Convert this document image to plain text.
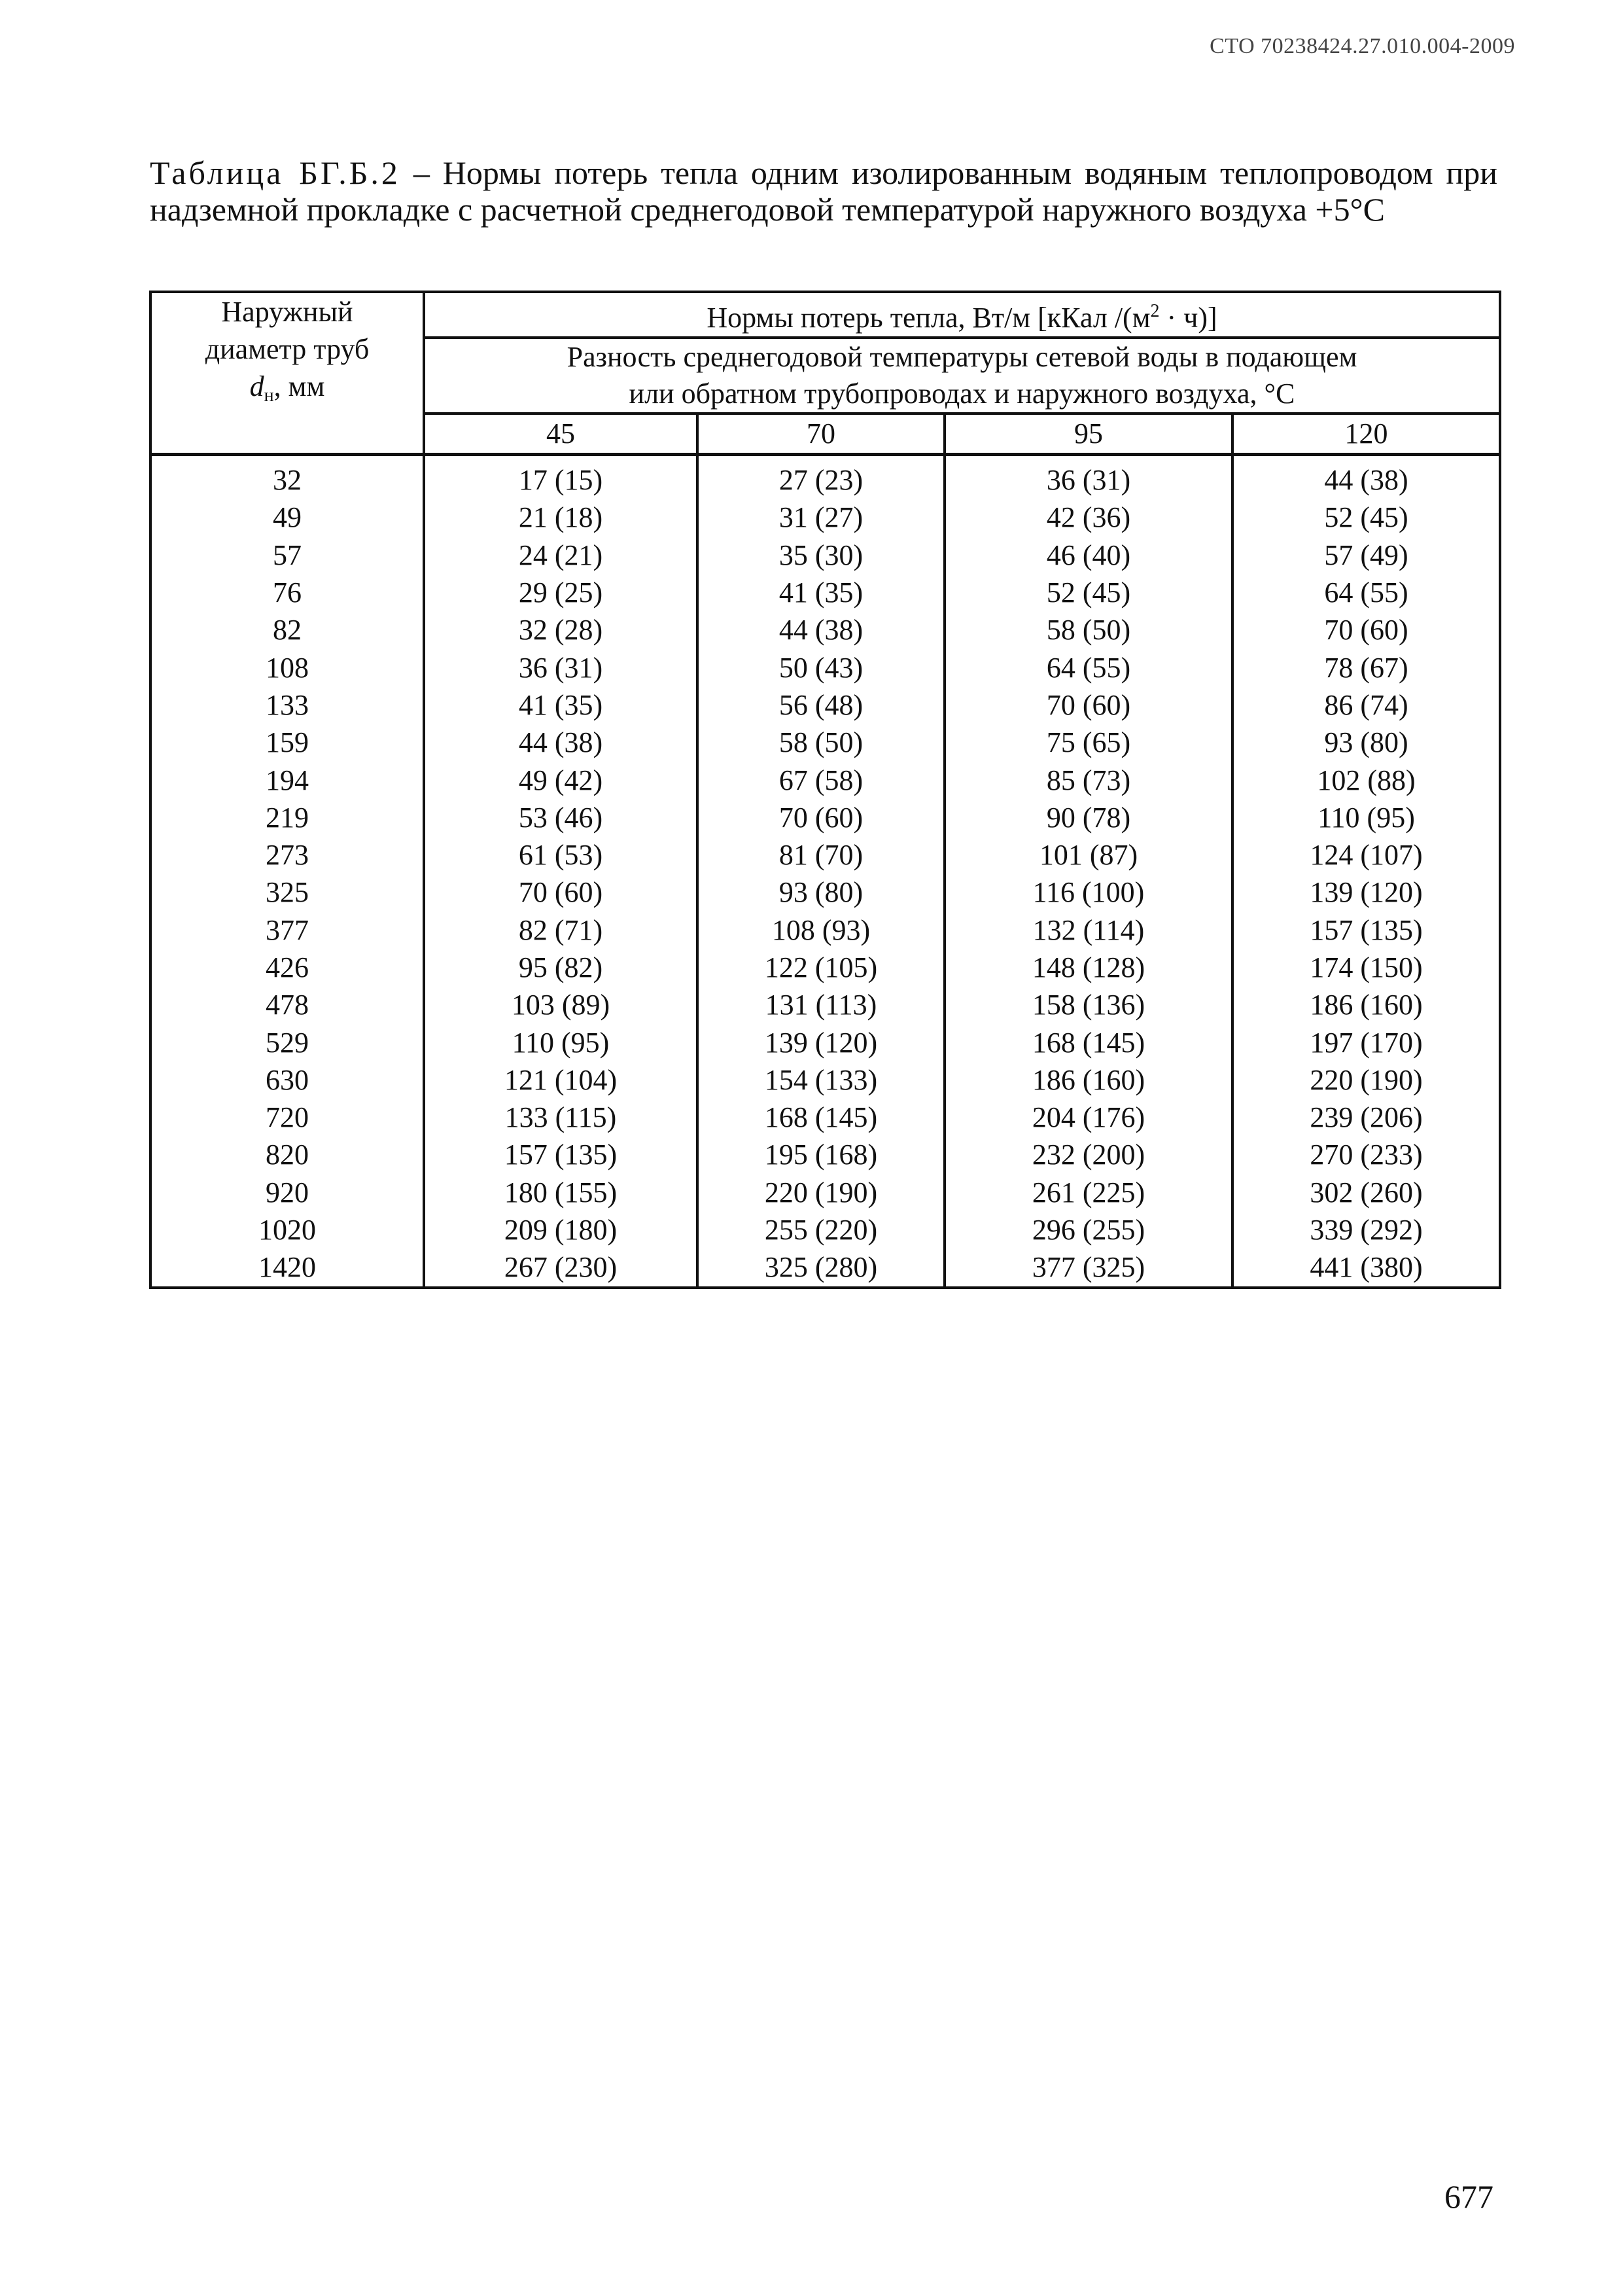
СТО 70238424.27.010.004-2009
Таблица БГ.Б.2 – Нормы потерь тепла одним изолированным водяным теплопроводом при надземной прокладке с расчетной среднегодовой температурой наружного воздуха +5°С
Наружный
диаметр труб
$d_н$, мм	Нормы потерь тепла, Вт/м [кКал $/(м^2 \cdot ч)$]			
	Разность среднегодовой температуры сетевой воды в подающем
или обратном трубопроводах и наружного воздуха, °С			
	45	70	95	120
32	17 (15)	27 (23)	36 (31)	44 (38)
49	21 (18)	31 (27)	42 (36)	52 (45)
57	24 (21)	35 (30)	46 (40)	57 (49)
76	29 (25)	41 (35)	52 (45)	64 (55)
82	32 (28)	44 (38)	58 (50)	70 (60)
108	36 (31)	50 (43)	64 (55)	78 (67)
133	41 (35)	56 (48)	70 (60)	86 (74)
159	44 (38)	58 (50)	75 (65)	93 (80)
194	49 (42)	67 (58)	85 (73)	102 (88)
219	53 (46)	70 (60)	90 (78)	110 (95)
273	61 (53)	81 (70)	101 (87)	124 (107)
325	70 (60)	93 (80)	116 (100)	139 (120)
377	82 (71)	108 (93)	132 (114)	157 (135)
426	95 (82)	122 (105)	148 (128)	174 (150)
478	103 (89)	131 (113)	158 (136)	186 (160)
529	110 (95)	139 (120)	168 (145)	197 (170)
630	121 (104)	154 (133)	186 (160)	220 (190)
720	133 (115)	168 (145)	204 (176)	239 (206)
820	157 (135)	195 (168)	232 (200)	270 (233)
920	180 (155)	220 (190)	261 (225)	302 (260)
1020	209 (180)	255 (220)	296 (255)	339 (292)
1420	267 (230)	325 (280)	377 (325)	441 (380)
677
